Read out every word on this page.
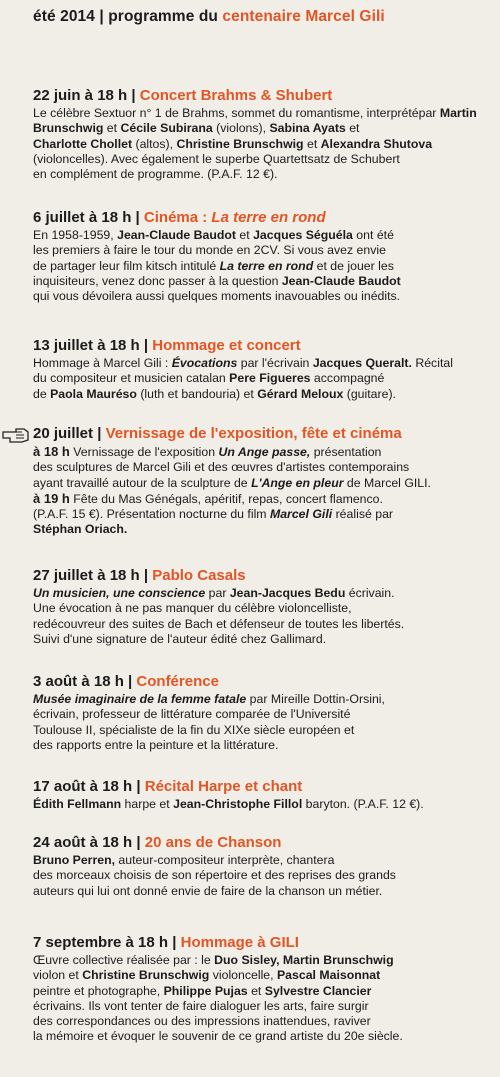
été 2014 | programme du centenaire Marcel Gili
22 juin à 18 h | Concert Brahms & Shubert
Le célèbre Sextuor n° 1 de Brahms, sommet du romantisme, interprétépar Martin Brunschwig et Cécile Subirana (violons), Sabina Ayats et
Charlotte Chollet (altos), Christine Brunschwig et Alexandra Shutova
(violoncelles). Avec également le superbe Quartettsatz de Schubert
en complément de programme. (P.A.F. 12 €).
6 juillet à 18 h | Cinéma : La terre en rond
En 1958-1959, Jean-Claude Baudot et Jacques Séguéla ont été
les premiers à faire le tour du monde en 2CV. Si vous avez envie
de partager leur film kitsch intitulé La terre en rond et de jouer les
inquisiteurs, venez donc passer à la question Jean-Claude Baudot
qui vous dévoilera aussi quelques moments inavouables ou inédits.
13 juillet à 18 h | Hommage et concert
Hommage à Marcel Gili : Évocations par l'écrivain Jacques Queralt. Récital
du compositeur et musicien catalan Pere Figueres accompagné
de Paola Mauréso (luth et bandouria) et Gérard Meloux (guitare).
20 juillet | Vernissage de l'exposition, fête et cinéma
à 18 h Vernissage de l'exposition Un Ange passe, présentation
des sculptures de Marcel Gili et des œuvres d'artistes contemporains
ayant travaillé autour de la sculpture de L'Ange en pleur de Marcel GILI.
à 19 h Fête du Mas Génégals, apéritif, repas, concert flamenco.
(P.A.F. 15 €). Présentation nocturne du film Marcel Gili réalisé par
Stéphan Oriach.
27 juillet à 18 h | Pablo Casals
Un musicien, une conscience par Jean-Jacques Bedu écrivain.
Une évocation à ne pas manquer du célèbre violoncelliste,
redécouvreur des suites de Bach et défenseur de toutes les libertés.
Suivi d'une signature de l'auteur édité chez Gallimard.
3 août à 18 h | Conférence
Musée imaginaire de la femme fatale par Mireille Dottin-Orsini,
écrivain, professeur de littérature comparée de l'Université
Toulouse II, spécialiste de la fin du XIXe siècle européen et
des rapports entre la peinture et la littérature.
17 août à 18 h | Récital Harpe et chant
Édith Fellmann harpe et Jean-Christophe Fillol baryton. (P.A.F. 12 €).
24 août à 18 h | 20 ans de Chanson
Bruno Perren, auteur-compositeur interprète, chantera
des morceaux choisis de son répertoire et des reprises des grands
auteurs qui lui ont donné envie de faire de la chanson un métier.
7 septembre à 18 h | Hommage à GILI
Œuvre collective réalisée par : le Duo Sisley, Martin Brunschwig
violon et Christine Brunschwig violoncelle, Pascal Maisonnat
peintre et photographe, Philippe Pujas et Sylvestre Clancier
écrivains. Ils vont tenter de faire dialoguer les arts, faire surgir
des correspondances ou des impressions inattendues, raviver
la mémoire et évoquer le souvenir de ce grand artiste du 20e siècle.
